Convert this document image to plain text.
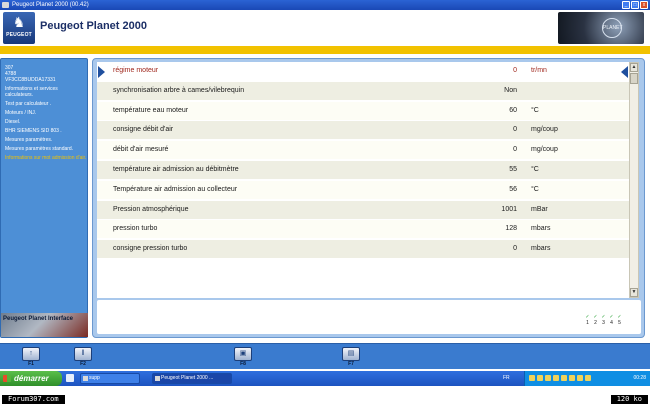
Peugeot Planet 2000 (00.42)	_	□	x
♞
PEUGEOT
Peugeot Planet 2000	PLANET
307
4788
VF3CC8BUDDA17331
Informations et services calculateurs.
Test par calculateur .
Moteurs / INJ.
Diesel.
BHR SIEMENS SID 803 .
Mesures paramètres.
Mesures paramètres standard.
Informations sur mot admission d'air.
Peugeot Planet Interface
régime moteur	0 tr/mn
synchronisation arbre à cames/vilebrequin	Non
température eau moteur	60 °C
consigne débit d'air	0 mg/coup
débit d'air mesuré	0 mg/coup
température air admission au débitmètre	55 °C
Température air admission au collecteur	56 °C
Pression atmosphérique	1001 mBar
pression turbo	128 mbars
consigne pression turbo	0 mbars
▲
▼
✓
1
✓
2
✓
3
✓
4
✓
5
↑
F1
‖
F2
▣
F8
▤
F7
démarrer	supp	Peugeot Planet 2000 ...	FR	00:28
Forum307.com	120 ko
